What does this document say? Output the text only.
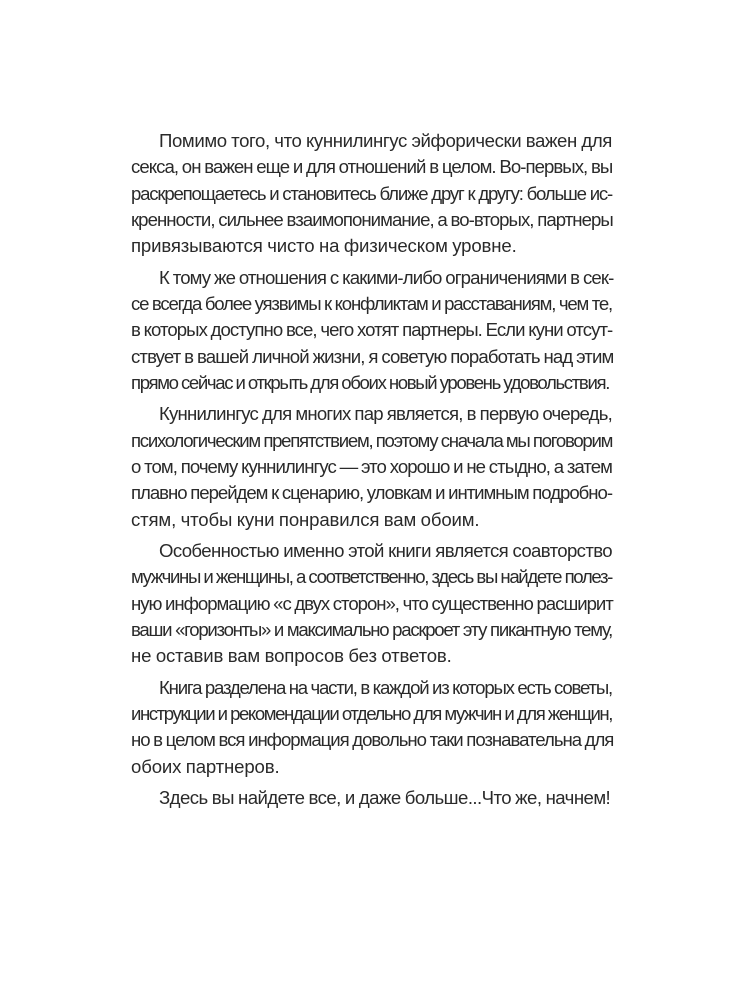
Помимо того, что куннилингус эйфорически важен для
секса, он важен еще и для отношений в целом. Во-первых, вы
раскрепощаетесь и становитесь ближе друг к другу: больше ис-
кренности, сильнее взаимопонимание, а во-вторых, партнеры
привязываются чисто на физическом уровне.

К тому же отношения с какими-либо ограничениями в сек-
се всегда более уязвимы к конфликтам и расставаниям, чем те,
в которых доступно все, чего хотят партнеры. Если куни отсут-
ствует в вашей личной жизни, я советую поработать над этим
прямо сейчас и открыть для обоих новый уровень удовольствия.

Куннилингус для многих пар является, в первую очередь,
психологическим препятствием, поэтому сначала мы поговорим
о том, почему куннилингус — это хорошо и не стыдно, а затем
плавно перейдем к сценарию, уловкам и интимным подробно-
стям, чтобы куни понравился вам обоим.

Особенностью именно этой книги является соавторство
мужчины и женщины, а соответственно, здесь вы найдете полез-
ную информацию «с двух сторон», что существенно расширит
ваши «горизонты» и максимально раскроет эту пикантную тему,
не оставив вам вопросов без ответов.

Книга разделена на части, в каждой из которых есть советы,
инструкции и рекомендации отдельно для мужчин и для женщин,
но в целом вся информация довольно таки познавательна для
обоих партнеров.

Здесь вы найдете все, и даже больше...Что же, начнем!
